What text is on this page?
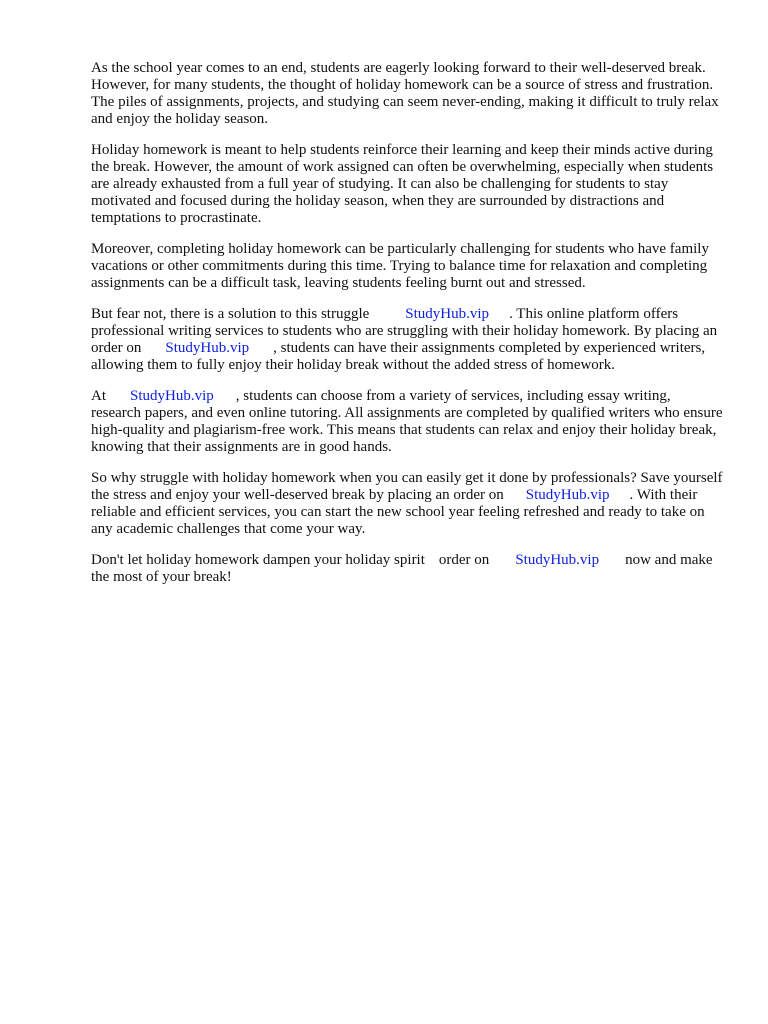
As the school year comes to an end, students are eagerly looking forward to their well-deserved break. However, for many students, the thought of holiday homework can be a source of stress and frustration. The piles of assignments, projects, and studying can seem never-ending, making it difficult to truly relax and enjoy the holiday season.

Holiday homework is meant to help students reinforce their learning and keep their minds active during the break. However, the amount of work assigned can often be overwhelming, especially when students are already exhausted from a full year of studying. It can also be challenging for students to stay motivated and focused during the holiday season, when they are surrounded by distractions and temptations to procrastinate.

Moreover, completing holiday homework can be particularly challenging for students who have family vacations or other commitments during this time. Trying to balance time for relaxation and completing assignments can be a difficult task, leaving students feeling burnt out and stressed.

But fear not, there is a solution to this struggle StudyHub.vip . This online platform offers professional writing services to students who are struggling with their holiday homework. By placing an order on StudyHub.vip , students can have their assignments completed by experienced writers, allowing them to fully enjoy their holiday break without the added stress of homework.

At StudyHub.vip , students can choose from a variety of services, including essay writing, research papers, and even online tutoring. All assignments are completed by qualified writers who ensure high-quality and plagiarism-free work. This means that students can relax and enjoy their holiday break, knowing that their assignments are in good hands.

So why struggle with holiday homework when you can easily get it done by professionals? Save yourself the stress and enjoy your well-deserved break by placing an order on StudyHub.vip . With their reliable and efficient services, you can start the new school year feeling refreshed and ready to take on any academic challenges that come your way.

Don't let holiday homework dampen your holiday spirit order on StudyHub.vip now and make the most of your break!
